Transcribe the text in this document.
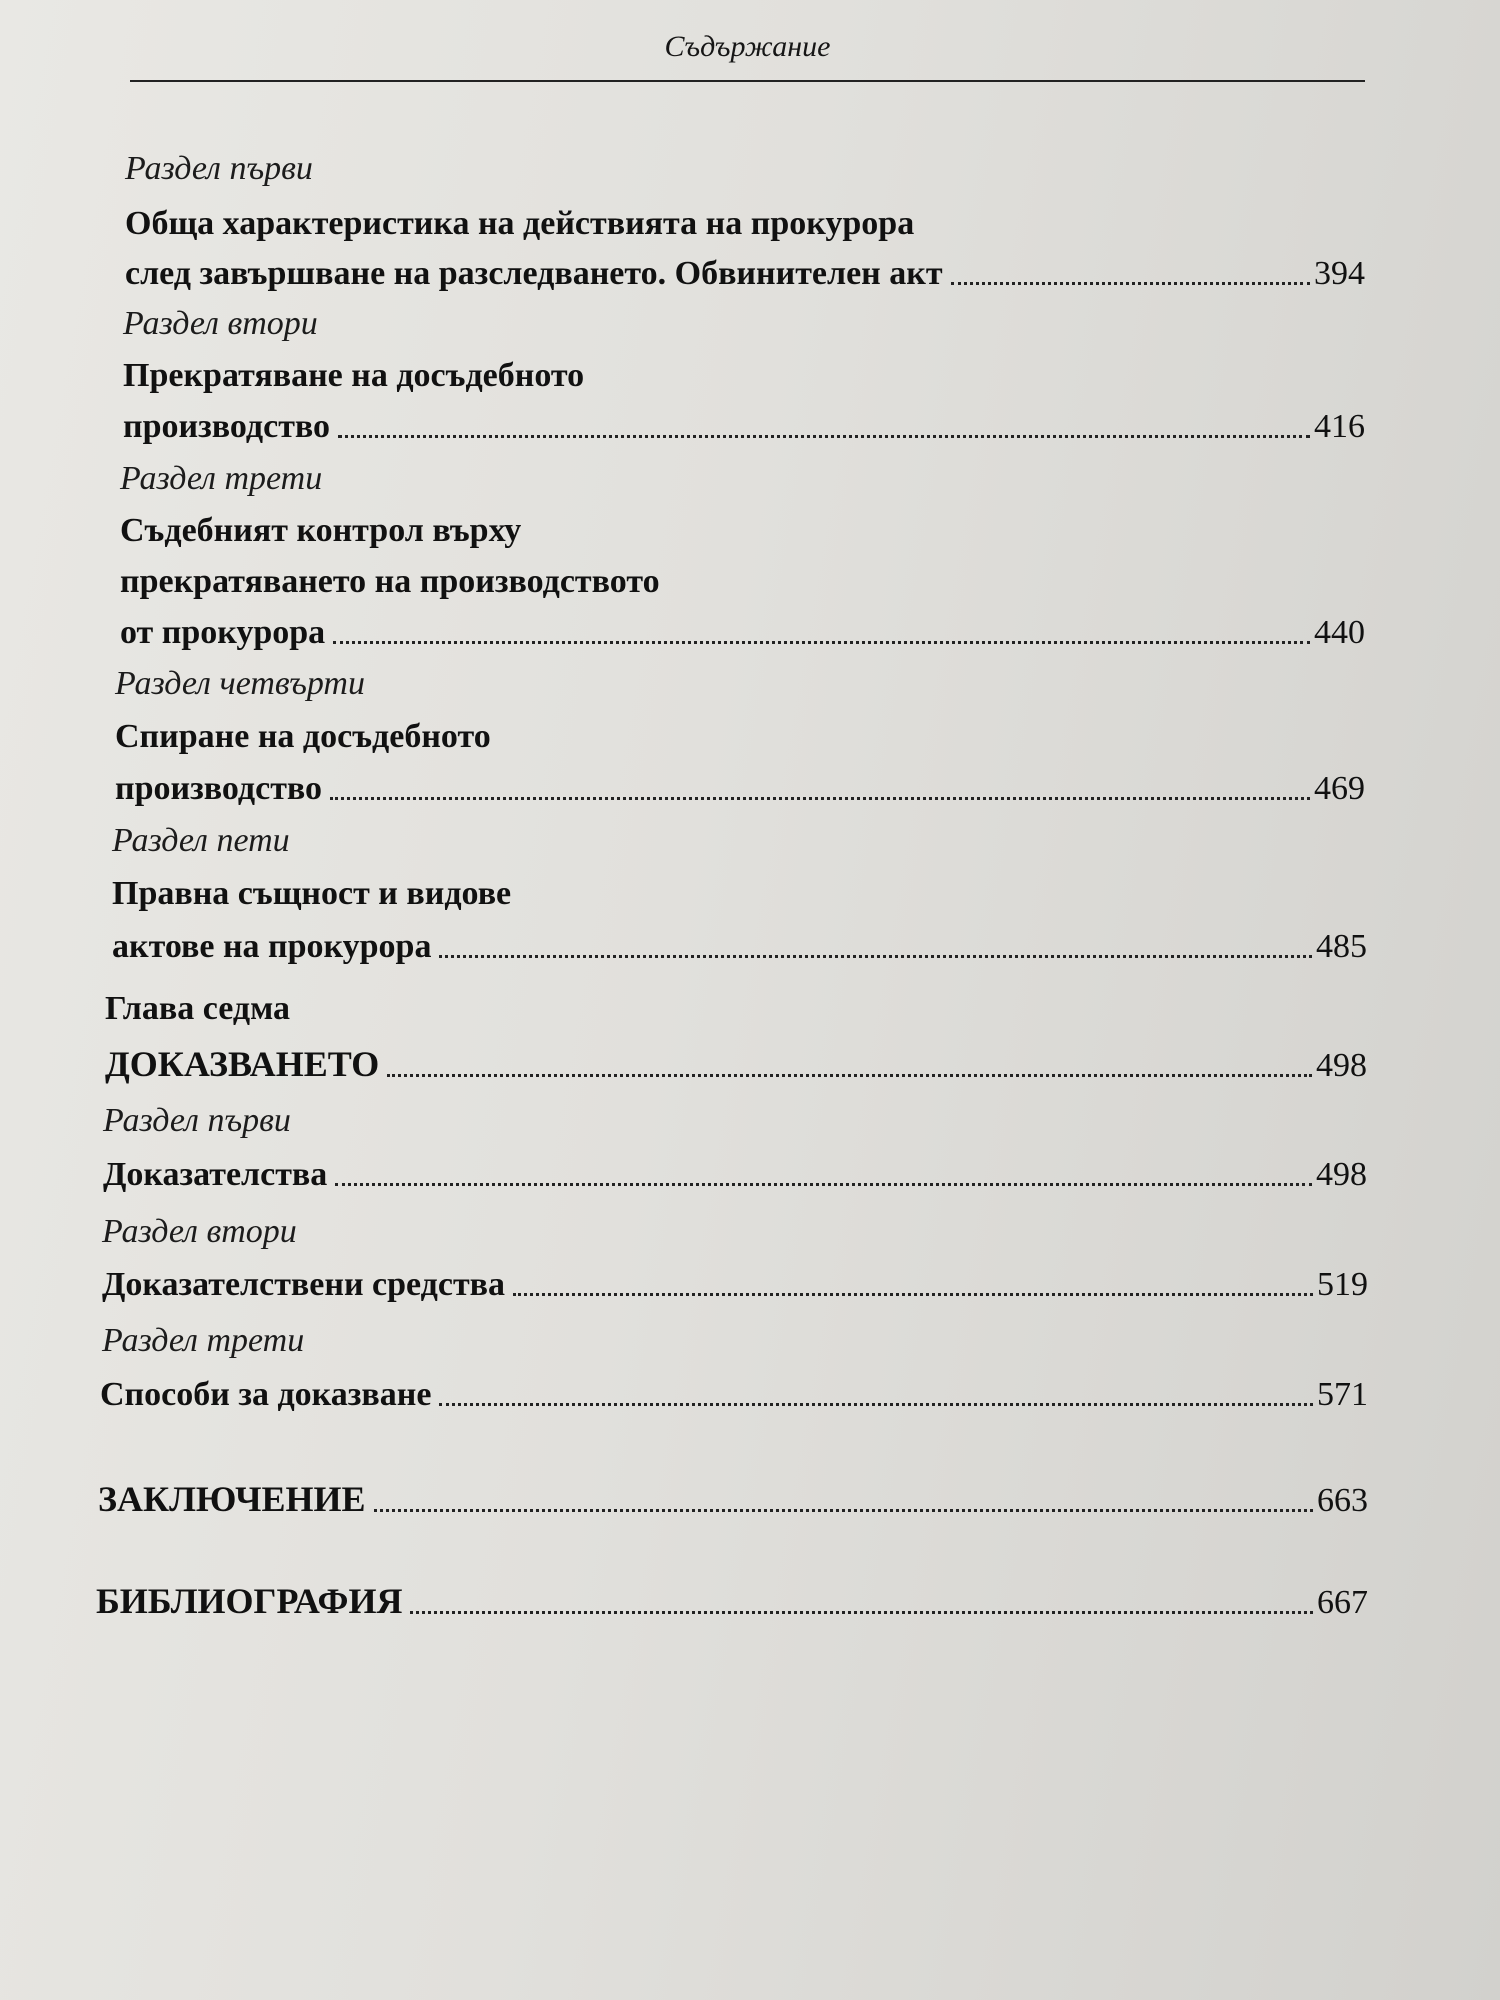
Съдържание
Раздел първи
Обща характеристика на действията на прокурора
след завършване на разследването. Обвинителен акт	394
Раздел втори
Прекратяване на досъдебното
производство	416
Раздел трети
Съдебният контрол върху
прекратяването на производството
от прокурора	440
Раздел четвърти
Спиране на досъдебното
производство	469
Раздел пети
Правна същност и видове
актове на прокурора	485
Глава седма
ДОКАЗВАНЕТО	498
Раздел първи
Доказателства	498
Раздел втори
Доказателствени средства	519
Раздел трети
Способи за доказване	571
ЗАКЛЮЧЕНИЕ	663
БИБЛИОГРАФИЯ	667
